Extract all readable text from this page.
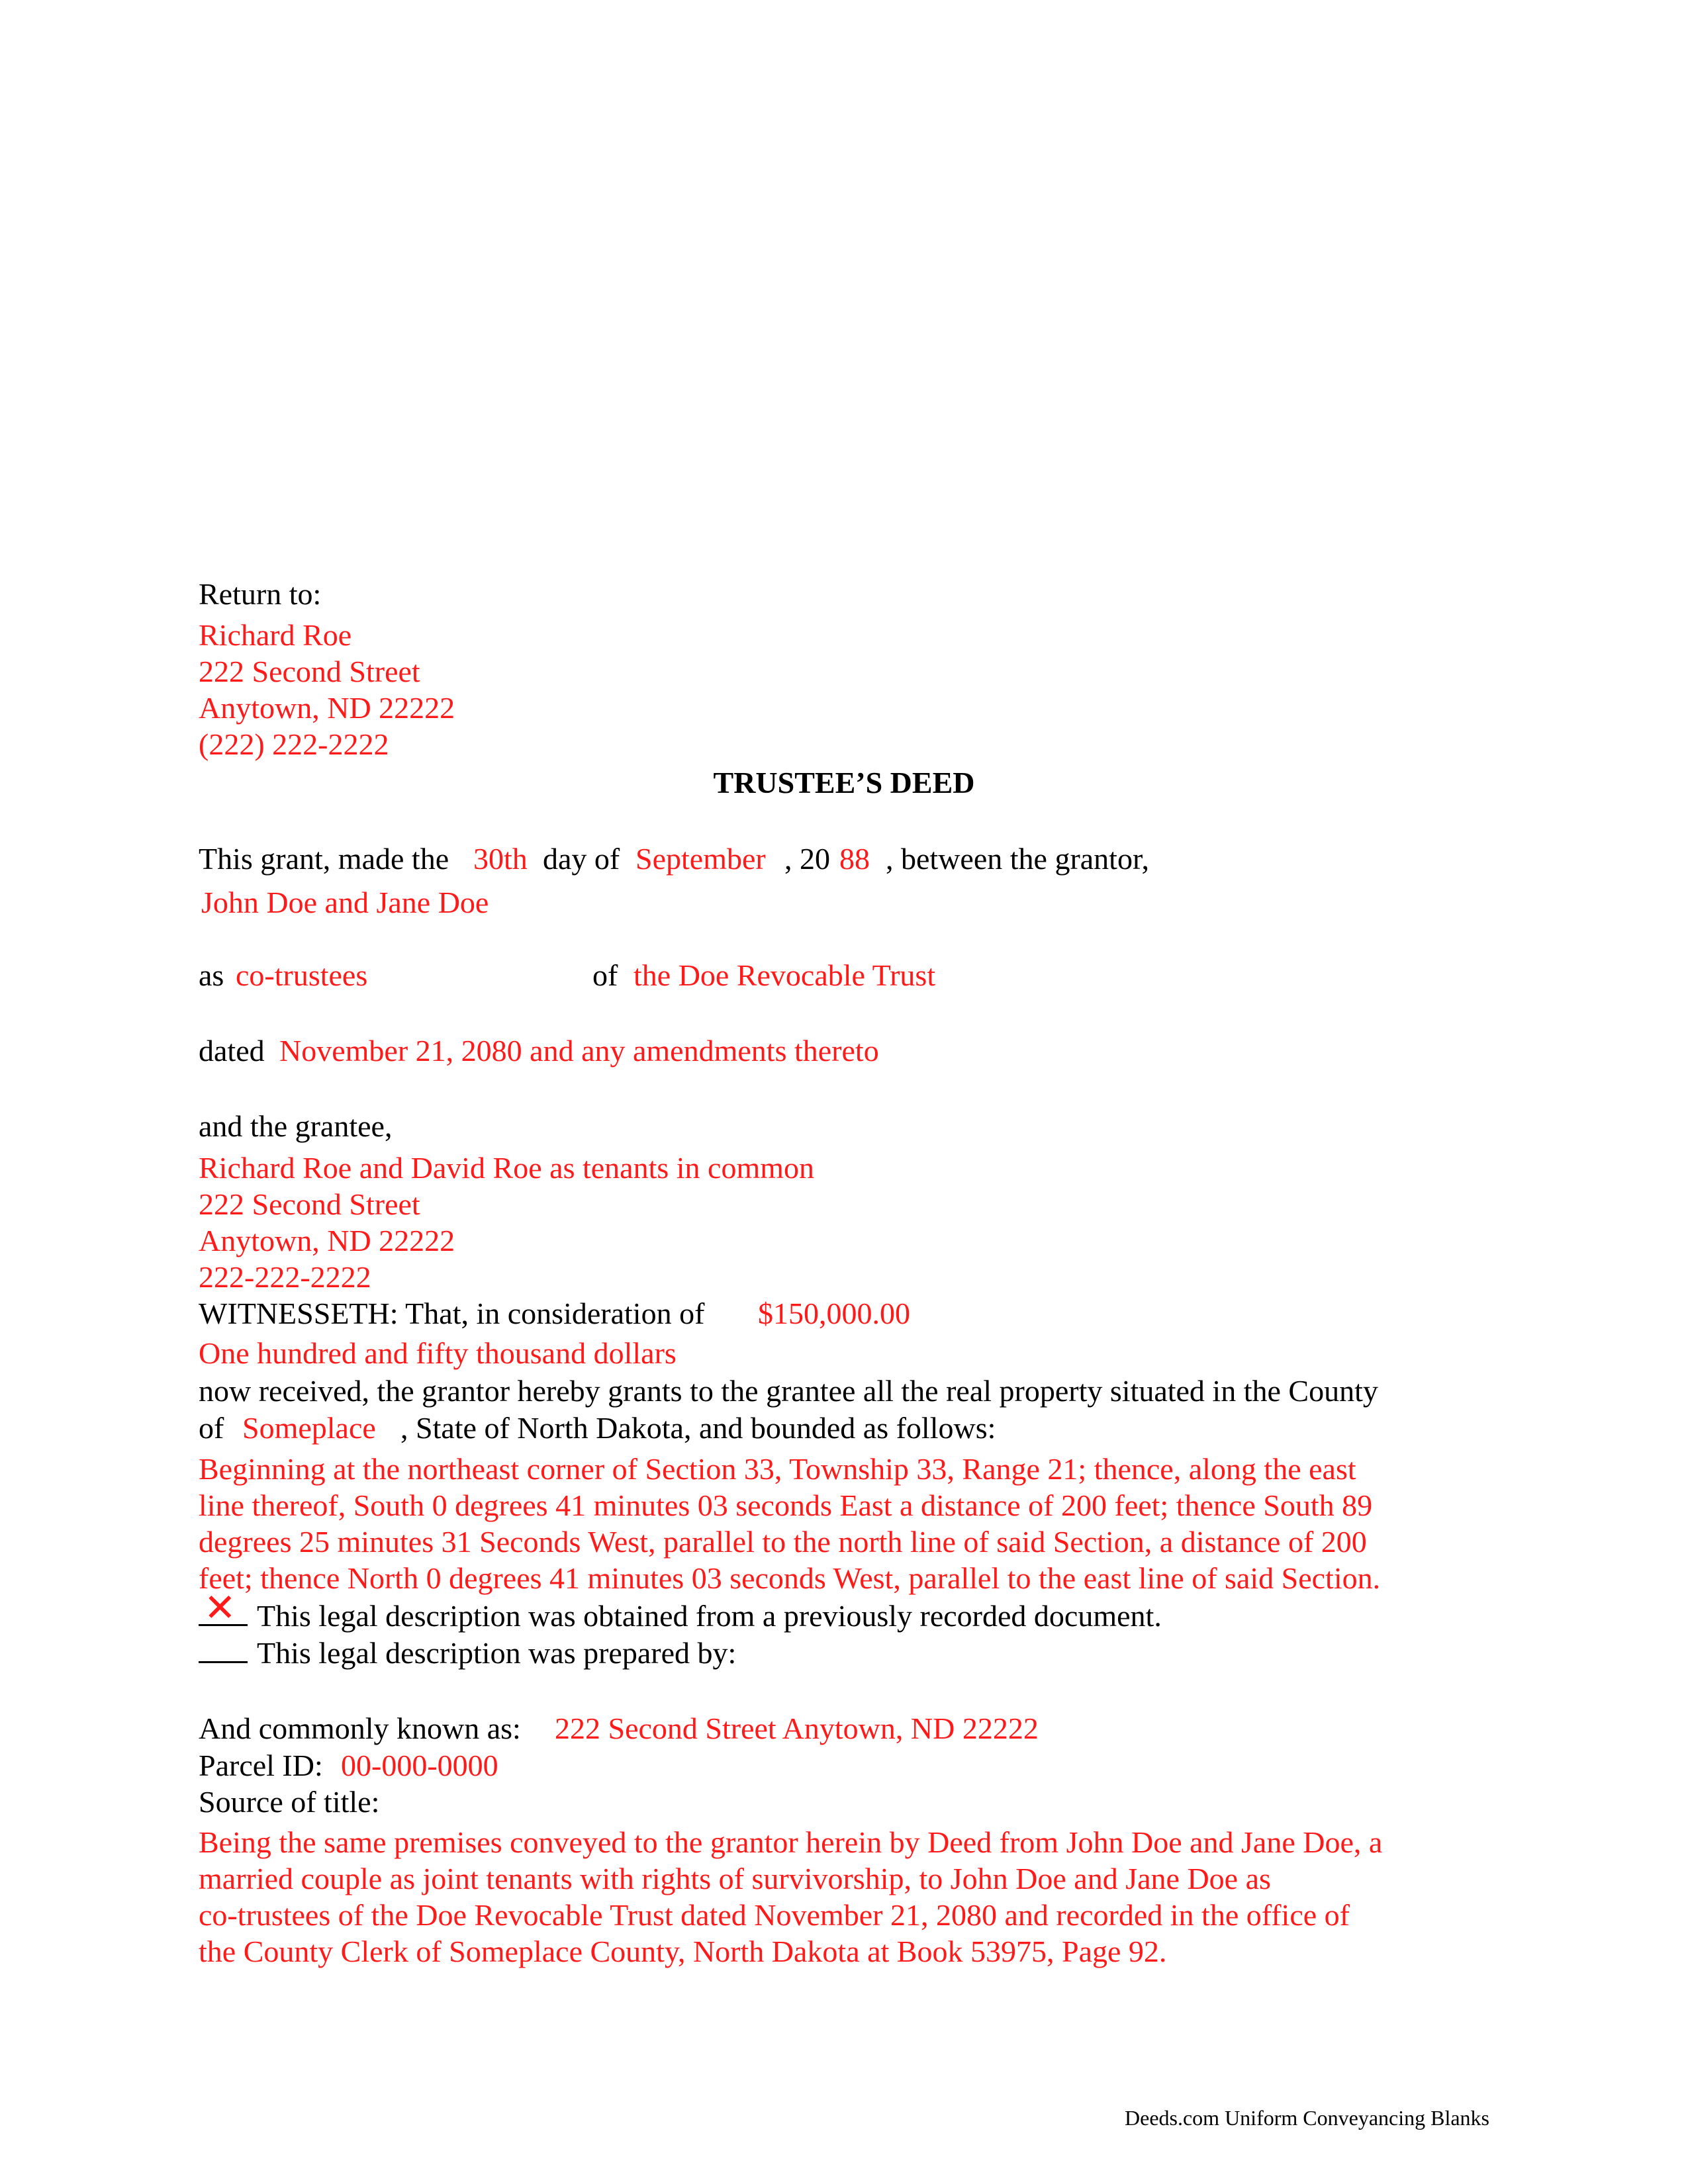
Return to:
Richard Roe
222 Second Street
Anytown, ND 22222
(222) 222-2222
TRUSTEE’S DEED
This grant, made the 30th day of September , 20 88 , between the grantor,
John Doe and Jane Doe
as co-trustees	of the Doe Revocable Trust
dated November 21, 2080 and any amendments thereto
and the grantee,
Richard Roe and David Roe as tenants in common
222 Second Street
Anytown, ND 22222
222-222-2222
WITNESSETH: That, in consideration of $150,000.00
One hundred and fifty thousand dollars
now received, the grantor hereby grants to the grantee all the real property situated in the County
of Someplace , State of North Dakota, and bounded as follows:
Beginning at the northeast corner of Section 33, Township 33, Range 21; thence, along the east
line thereof, South 0 degrees 41 minutes 03 seconds East a distance of 200 feet; thence South 89
degrees 25 minutes 31 Seconds West, parallel to the north line of said Section, a distance of 200
feet; thence North 0 degrees 41 minutes 03 seconds West, parallel to the east line of said Section.
✕ This legal description was obtained from a previously recorded document.
This legal description was prepared by:
And commonly known as: 222 Second Street Anytown, ND 22222
Parcel ID: 00-000-0000
Source of title:
Being the same premises conveyed to the grantor herein by Deed from John Doe and Jane Doe, a
married couple as joint tenants with rights of survivorship, to John Doe and Jane Doe as
co-trustees of the Doe Revocable Trust dated November 21, 2080 and recorded in the office of
the County Clerk of Someplace County, North Dakota at Book 53975, Page 92.
Deeds.com Uniform Conveyancing Blanks
